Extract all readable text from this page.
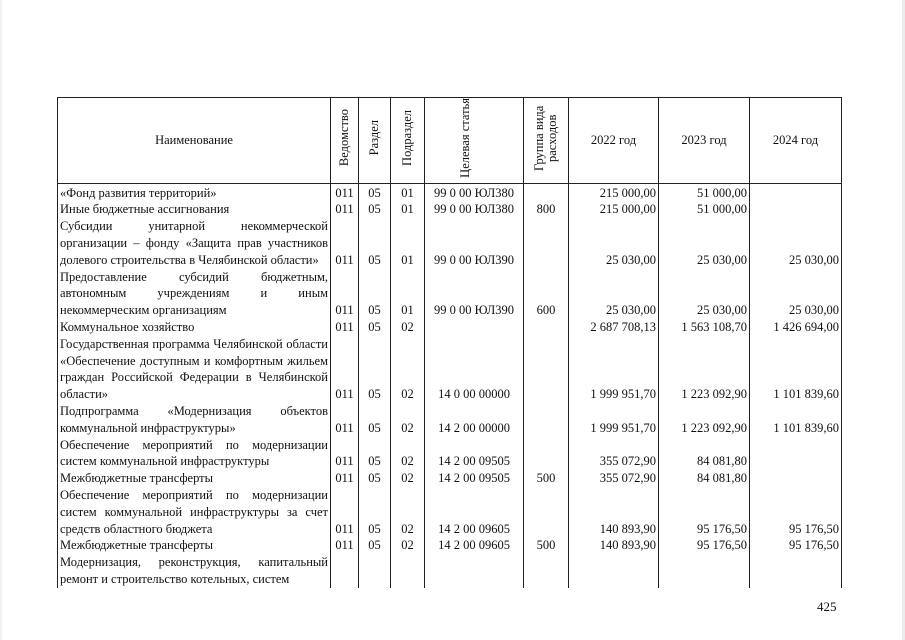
Наименование	Ведомство	Раздел	Подраздел	Целевая статья	Группа вида расходов	2022 год	2023 год	2024 год
«Фонд развития территорий»	011	05	01	99 0 00 ЮЛ380		215 000,00	51 000,00	
Иные бюджетные ассигнования	011	05	01	99 0 00 ЮЛ380	800	215 000,00	51 000,00	
Субсидии унитарной некоммерческой организации – фонду «Защита прав участников долевого строительства в Челябинской области»	011	05	01	99 0 00 ЮЛ390		25 030,00	25 030,00	25 030,00
Предоставление субсидий бюджетным, автономным учреждениям и иным некоммерческим организациям	011	05	01	99 0 00 ЮЛ390	600	25 030,00	25 030,00	25 030,00
Коммунальное хозяйство	011	05	02			2 687 708,13	1 563 108,70	1 426 694,00
Государственная программа Челябинской области «Обеспечение доступным и комфортным жильем граждан Российской Федерации в Челябинской области»	011	05	02	14 0 00 00000		1 999 951,70	1 223 092,90	1 101 839,60
Подпрограмма «Модернизация объектов коммунальной инфраструктуры»	011	05	02	14 2 00 00000		1 999 951,70	1 223 092,90	1 101 839,60
Обеспечение мероприятий по модернизации систем коммунальной инфраструктуры	011	05	02	14 2 00 09505		355 072,90	84 081,80	
Межбюджетные трансферты	011	05	02	14 2 00 09505	500	355 072,90	84 081,80	
Обеспечение мероприятий по модернизации систем коммунальной инфраструктуры за счет средств областного бюджета	011	05	02	14 2 00 09605		140 893,90	95 176,50	95 176,50
Межбюджетные трансферты	011	05	02	14 2 00 09605	500	140 893,90	95 176,50	95 176,50
Модернизация, реконструкция, капитальный ремонт и строительство котельных, систем								
425
